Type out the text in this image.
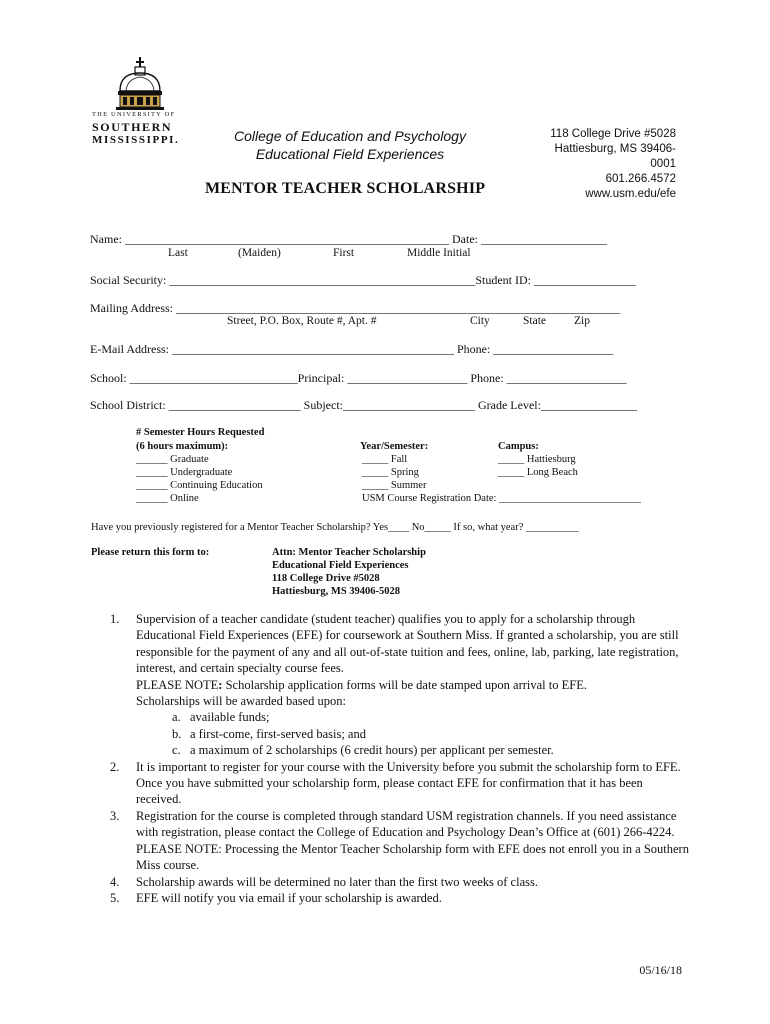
THE UNIVERSITY OF
SOUTHERN
MISSISSIPPI.	College of Education and Psychology
Educational Field Experiences
118 College Drive #5028
Hattiesburg, MS 39406-
0001
601.266.4572
www.usm.edu/efe
MENTOR TEACHER SCHOLARSHIP
Name: ______________________________________________________ Date: _____________________
Last	(Maiden)	First	Middle Initial
Social Security: ___________________________________________________Student ID: _________________
Mailing Address: __________________________________________________________________________
Street, P.O. Box, Route #, Apt. #	City	State Zip
E-Mail Address: _______________________________________________ Phone: ____________________
School: ____________________________Principal: ____________________ Phone: ____________________
School District: ______________________ Subject:______________________ Grade Level:________________
# Semester Hours Requested
(6 hours maximum):
______ Graduate
______ Undergraduate
______ Continuing Education
______ Online
Year/Semester:
_____ Fall
_____ Spring
_____ Summer
USM Course Registration Date: ___________________________
Campus:
_____ Hattiesburg
_____ Long Beach
Have you previously registered for a Mentor Teacher Scholarship? Yes____ No_____ If so, what year? __________
Please return this form to:	Attn: Mentor Teacher Scholarship
Educational Field Experiences
118 College Drive #5028
Hattiesburg, MS 39406-5028
1.	Supervision of a teacher candidate (student teacher) qualifies you to apply for a scholarship through Educational Field Experiences (EFE) for coursework at Southern Miss. If granted a scholarship, you are still responsible for the payment of any and all out-of-state tuition and fees, online, lab, parking, late registration, interest, and certain specialty course fees.

PLEASE NOTE: Scholarship application forms will be date stamped upon arrival to EFE.

Scholarships will be awarded based upon:

a. available funds;
b. a first-come, first-served basis; and
c. a maximum of 2 scholarships (6 credit hours) per applicant per semester.
2.	It is important to register for your course with the University before you submit the scholarship form to EFE. Once you have submitted your scholarship form, please contact EFE for confirmation that it has been received.

3.	Registration for the course is completed through standard USM registration channels. If you need assistance with registration, please contact the College of Education and Psychology Dean’s Office at (601) 266-4224.

PLEASE NOTE: Processing the Mentor Teacher Scholarship form with EFE does not enroll you in a Southern Miss course.

4.	Scholarship awards will be determined no later than the first two weeks of class.

5.	EFE will notify you via email if your scholarship is awarded.

05/16/18
